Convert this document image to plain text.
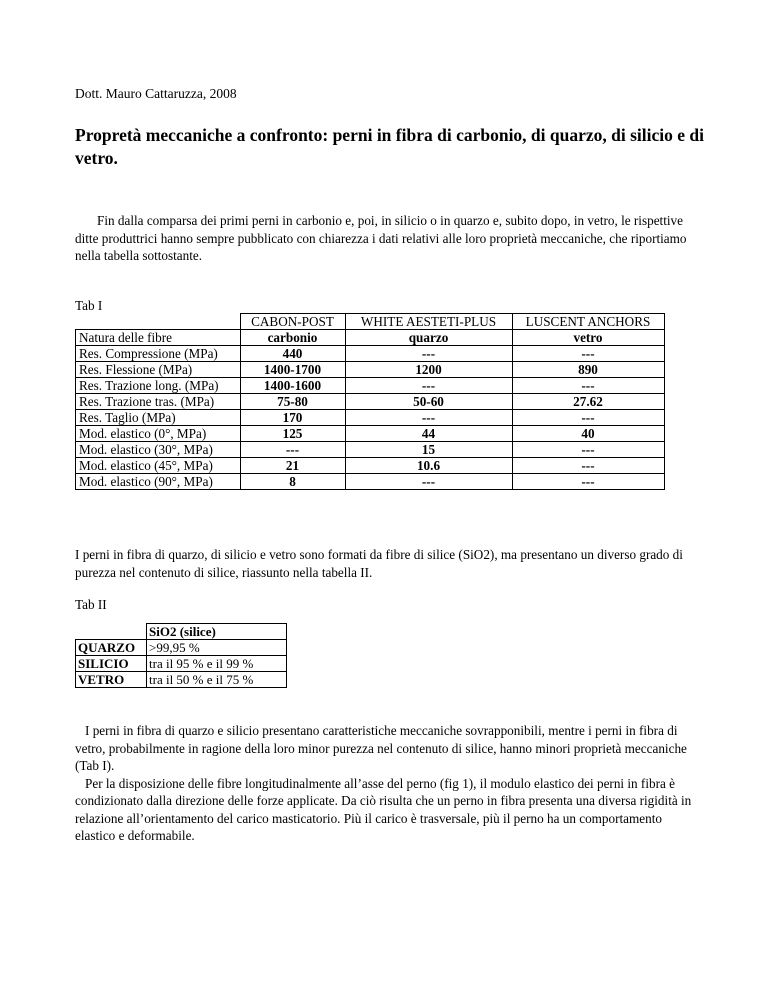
Dott. Mauro Cattaruzza, 2008
Propretà meccaniche a confronto: perni in fibra di carbonio, di quarzo, di silicio e di vetro.

Fin dalla comparsa dei primi perni in carbonio e, poi, in silicio o in quarzo e, subito dopo, in vetro, le rispettive ditte produttrici hanno sempre pubblicato con chiarezza i dati relativi alle loro proprietà meccaniche, che riportiamo nella tabella sottostante.

Tab I
	CABON-POST	WHITE AESTETI-PLUS	LUSCENT ANCHORS
Natura delle fibre	carbonio	quarzo	vetro
Res. Compressione (MPa)	440	---	---
Res. Flessione (MPa)	1400-1700	1200	890
Res. Trazione long. (MPa)	1400-1600	---	---
Res. Trazione tras. (MPa)	75-80	50-60	27.62
Res. Taglio (MPa)	170	---	---
Mod. elastico (0°, MPa)	125	44	40
Mod. elastico (30°, MPa)	---	15	---
Mod. elastico (45°, MPa)	21	10.6	---
Mod. elastico (90°, MPa)	8	---	---

I perni in fibra di quarzo, di silicio e vetro sono formati da fibre di silice (SiO2), ma presentano un diverso grado di purezza nel contenuto di silice, riassunto nella tabella II.

Tab II
	SiO2 (silice)
QUARZO	>99,95 %
SILICIO	tra il 95 % e il 99 %
VETRO	tra il 50 % e il 75 %

I perni in fibra di quarzo e silicio presentano caratteristiche meccaniche sovrapponibili, mentre i perni in fibra di vetro, probabilmente in ragione della loro minor purezza nel contenuto di silice, hanno minori proprietà meccaniche (Tab I).

Per la disposizione delle fibre longitudinalmente all’asse del perno (fig 1), il modulo elastico dei perni in fibra è condizionato dalla direzione delle forze applicate. Da ciò risulta che un perno in fibra presenta una diversa rigidità in relazione all’orientamento del carico masticatorio. Più il carico è trasversale, più il perno ha un comportamento elastico e deformabile.
